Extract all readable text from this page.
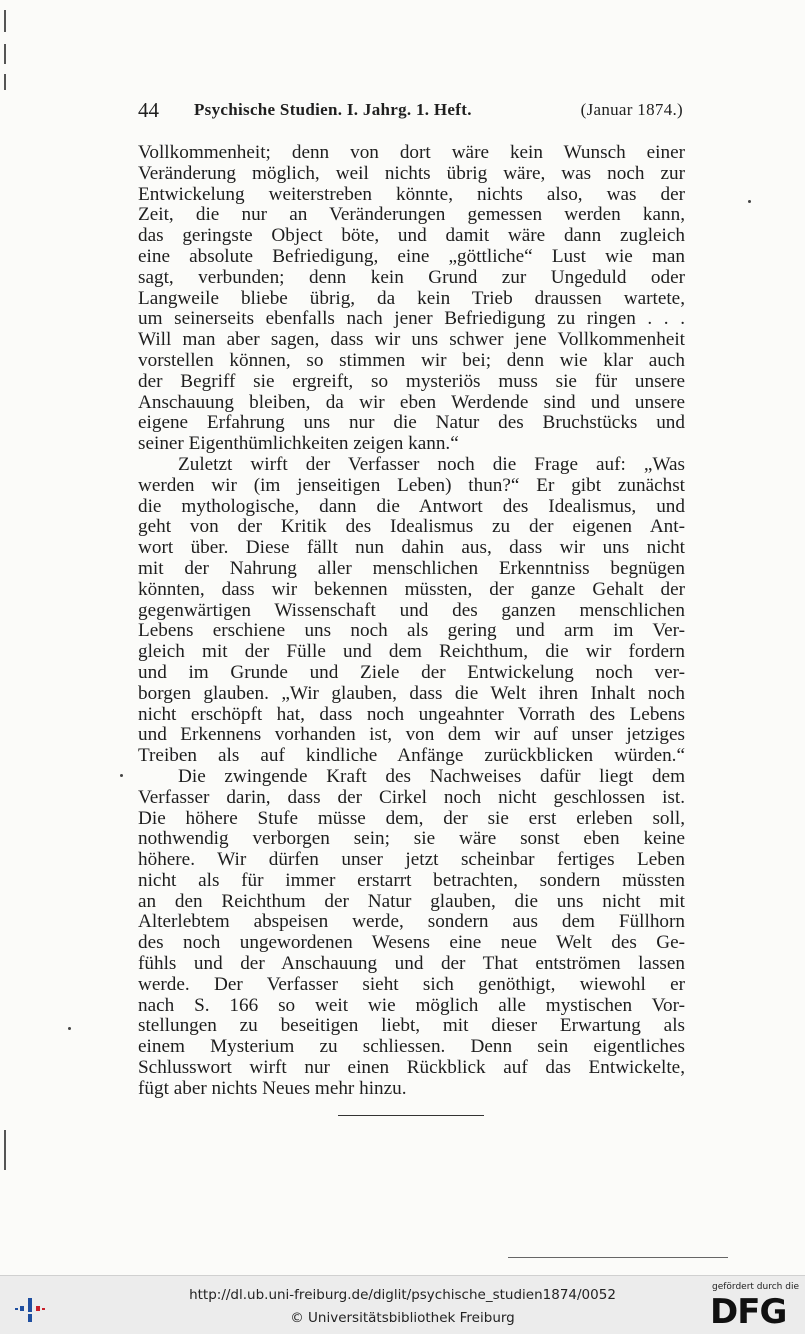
44 Psychische Studien. I. Jahrg. 1. Heft.	(Januar 1874.)
Vollkommenheit; denn von dort wäre kein Wunsch einer
Veränderung möglich, weil nichts übrig wäre, was noch zur
Entwickelung weiterstreben könnte, nichts also, was der
Zeit, die nur an Veränderungen gemessen werden kann,
das geringste Object böte, und damit wäre dann zugleich
eine absolute Befriedigung, eine „göttliche“ Lust wie man
sagt, verbunden; denn kein Grund zur Ungeduld oder
Langweile bliebe übrig, da kein Trieb draussen wartete,
um seinerseits ebenfalls nach jener Befriedigung zu ringen . . .
Will man aber sagen, dass wir uns schwer jene Vollkommenheit
vorstellen können, so stimmen wir bei; denn wie klar auch
der Begriff sie ergreift, so mysteriös muss sie für unsere
Anschauung bleiben, da wir eben Werdende sind und unsere
eigene Erfahrung uns nur die Natur des Bruchstücks und
seiner Eigenthümlichkeiten zeigen kann.“
Zuletzt wirft der Verfasser noch die Frage auf: „Was
werden wir (im jenseitigen Leben) thun?“ Er gibt zunächst
die mythologische, dann die Antwort des Idealismus, und
geht von der Kritik des Idealismus zu der eigenen Ant-
wort über. Diese fällt nun dahin aus, dass wir uns nicht
mit der Nahrung aller menschlichen Erkenntniss begnügen
könnten, dass wir bekennen müssten, der ganze Gehalt der
gegenwärtigen Wissenschaft und des ganzen menschlichen
Lebens erschiene uns noch als gering und arm im Ver-
gleich mit der Fülle und dem Reichthum, die wir fordern
und im Grunde und Ziele der Entwickelung noch ver-
borgen glauben. „Wir glauben, dass die Welt ihren Inhalt noch
nicht erschöpft hat, dass noch ungeahnter Vorrath des Lebens
und Erkennens vorhanden ist, von dem wir auf unser jetziges
Treiben als auf kindliche Anfänge zurückblicken würden.“
Die zwingende Kraft des Nachweises dafür liegt dem
Verfasser darin, dass der Cirkel noch nicht geschlossen ist.
Die höhere Stufe müsse dem, der sie erst erleben soll,
nothwendig verborgen sein; sie wäre sonst eben keine
höhere. Wir dürfen unser jetzt scheinbar fertiges Leben
nicht als für immer erstarrt betrachten, sondern müssten
an den Reichthum der Natur glauben, die uns nicht mit
Alterlebtem abspeisen werde, sondern aus dem Füllhorn
des noch ungewordenen Wesens eine neue Welt des Ge-
fühls und der Anschauung und der That entströmen lassen
werde. Der Verfasser sieht sich genöthigt, wiewohl er
nach S. 166 so weit wie möglich alle mystischen Vor-
stellungen zu beseitigen liebt, mit dieser Erwartung als
einem Mysterium zu schliessen. Denn sein eigentliches
Schlusswort wirft nur einen Rückblick auf das Entwickelte,
fügt aber nichts Neues mehr hinzu.
http://dl.ub.uni-freiburg.de/diglit/psychische_studien1874/0052
© Universitätsbibliothek Freiburg
gefördert durch die
DFG
